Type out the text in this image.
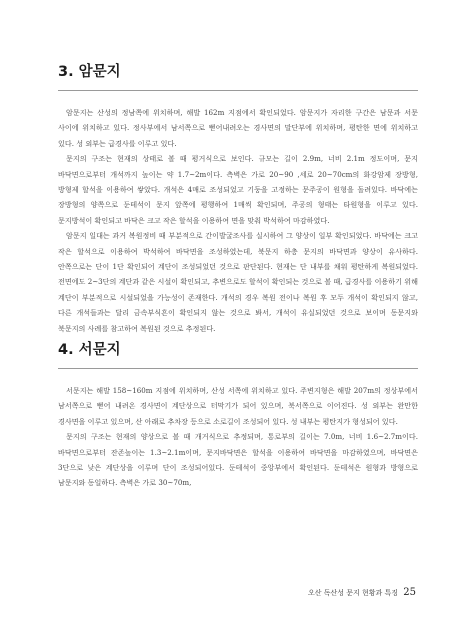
3. 암문지

암문지는 산성의 정남쪽에 위치하며, 해발 162m 지점에서 확인되었다. 암문지가 자리한 구간은 남문과 서문 사이에 위치하고 있다. 정사부에서 남서쪽으로 뻗어내려오는 경사면의 말단부에 위치하며, 평탄한 면에 위치하고 있다. 성 외부는 급경사를 이루고 있다.

문지의 구조는 현재의 상태로 볼 때 평거식으로 보인다. 규모는 길이 2.9m, 너비 2.1m 정도이며, 문지 바닥면으로부터 개석까지 높이는 약 1.7~2m이다. 측벽은 가로 20~90 ,세로 20~70cm의 화강암제 장방형, 방형제 할석을 이용하여 쌓았다. 개석은 4매로 조성되었고 기둥을 고정하는 문주공이 원형을 돌려있다. 바닥에는 장방형의 양쪽으로 둔테석이 문지 앞쪽에 평행하여 1매씩 확인되며, 주공의 형태는 타원형을 이루고 있다. 문지방석이 확인되고 바닥은 크고 작은 할석을 이용하여 면을 맞춰 박석하여 마감하였다.

암문지 일대는 과거 복원정비 때 부분적으로 간이발굴조사를 실시하여 그 양상이 일부 확인되었다. 바닥에는 크고 작은 할석으로 이용하여 박석하여 바닥면을 조성하였는데, 북문지 하층 문지의 바닥면과 양상이 유사하다. 안쪽으로는 단이 1단 확인되어 계단이 조성되었던 것으로 판단된다. 현재는 단 내부를 채워 평탄하게 복원되었다. 전면에도 2~3단의 계단과 같은 시설이 확인되고, 추변으로도 할석이 확인되는 것으로 볼 때, 급경사를 이용하기 위해 계단이 부분적으로 시설되었을 가능성이 존재한다. 개석의 경우 복원 전이나 복원 후 모두 개석이 확인되지 않고, 다른 개석들과는 달리 금속부식흔이 확인되지 않는 것으로 봐서, 개석이 유실되었던 것으로 보이며 동문지와 북문지의 사례를 참고하여 복원된 것으로 추정된다.

4. 서문지

서문지는 해발 158~160m 지점에 위치하며, 산성 서쪽에 위치하고 있다. 주변지형은 해발 207m의 정상부에서 남서쪽으로 뻗어 내려온 경사면이 계단상으로 터막기가 되어 있으며, 북서쪽으로 이어진다. 성 외부는 완만한 경사면을 이루고 있으며, 산 아래로 추차장 등으로 소로길이 조성되어 있다. 성 내부는 평탄지가 형성되어 있다.

문지의 구조는 현재의 양상으로 볼 때 개거식으로 추정되며, 통로부의 길이는 7.0m, 너비 1.6~2.7m이다. 바닥면으로부터 잔존높이는 1.3~2.1m이며, 문지바닥면은 할석을 이용하여 바닥면을 마감하였으며, 바닥면은 3단으로 낮은 계단상을 이루며 단이 조성되어있다. 둔테석이 중앙부에서 확인된다. 둔테석은 원형과 방형으로 남문지와 동일하다. 측벽은 가로 30~70m,

오산 독산성 문지 현황과 특징 25
